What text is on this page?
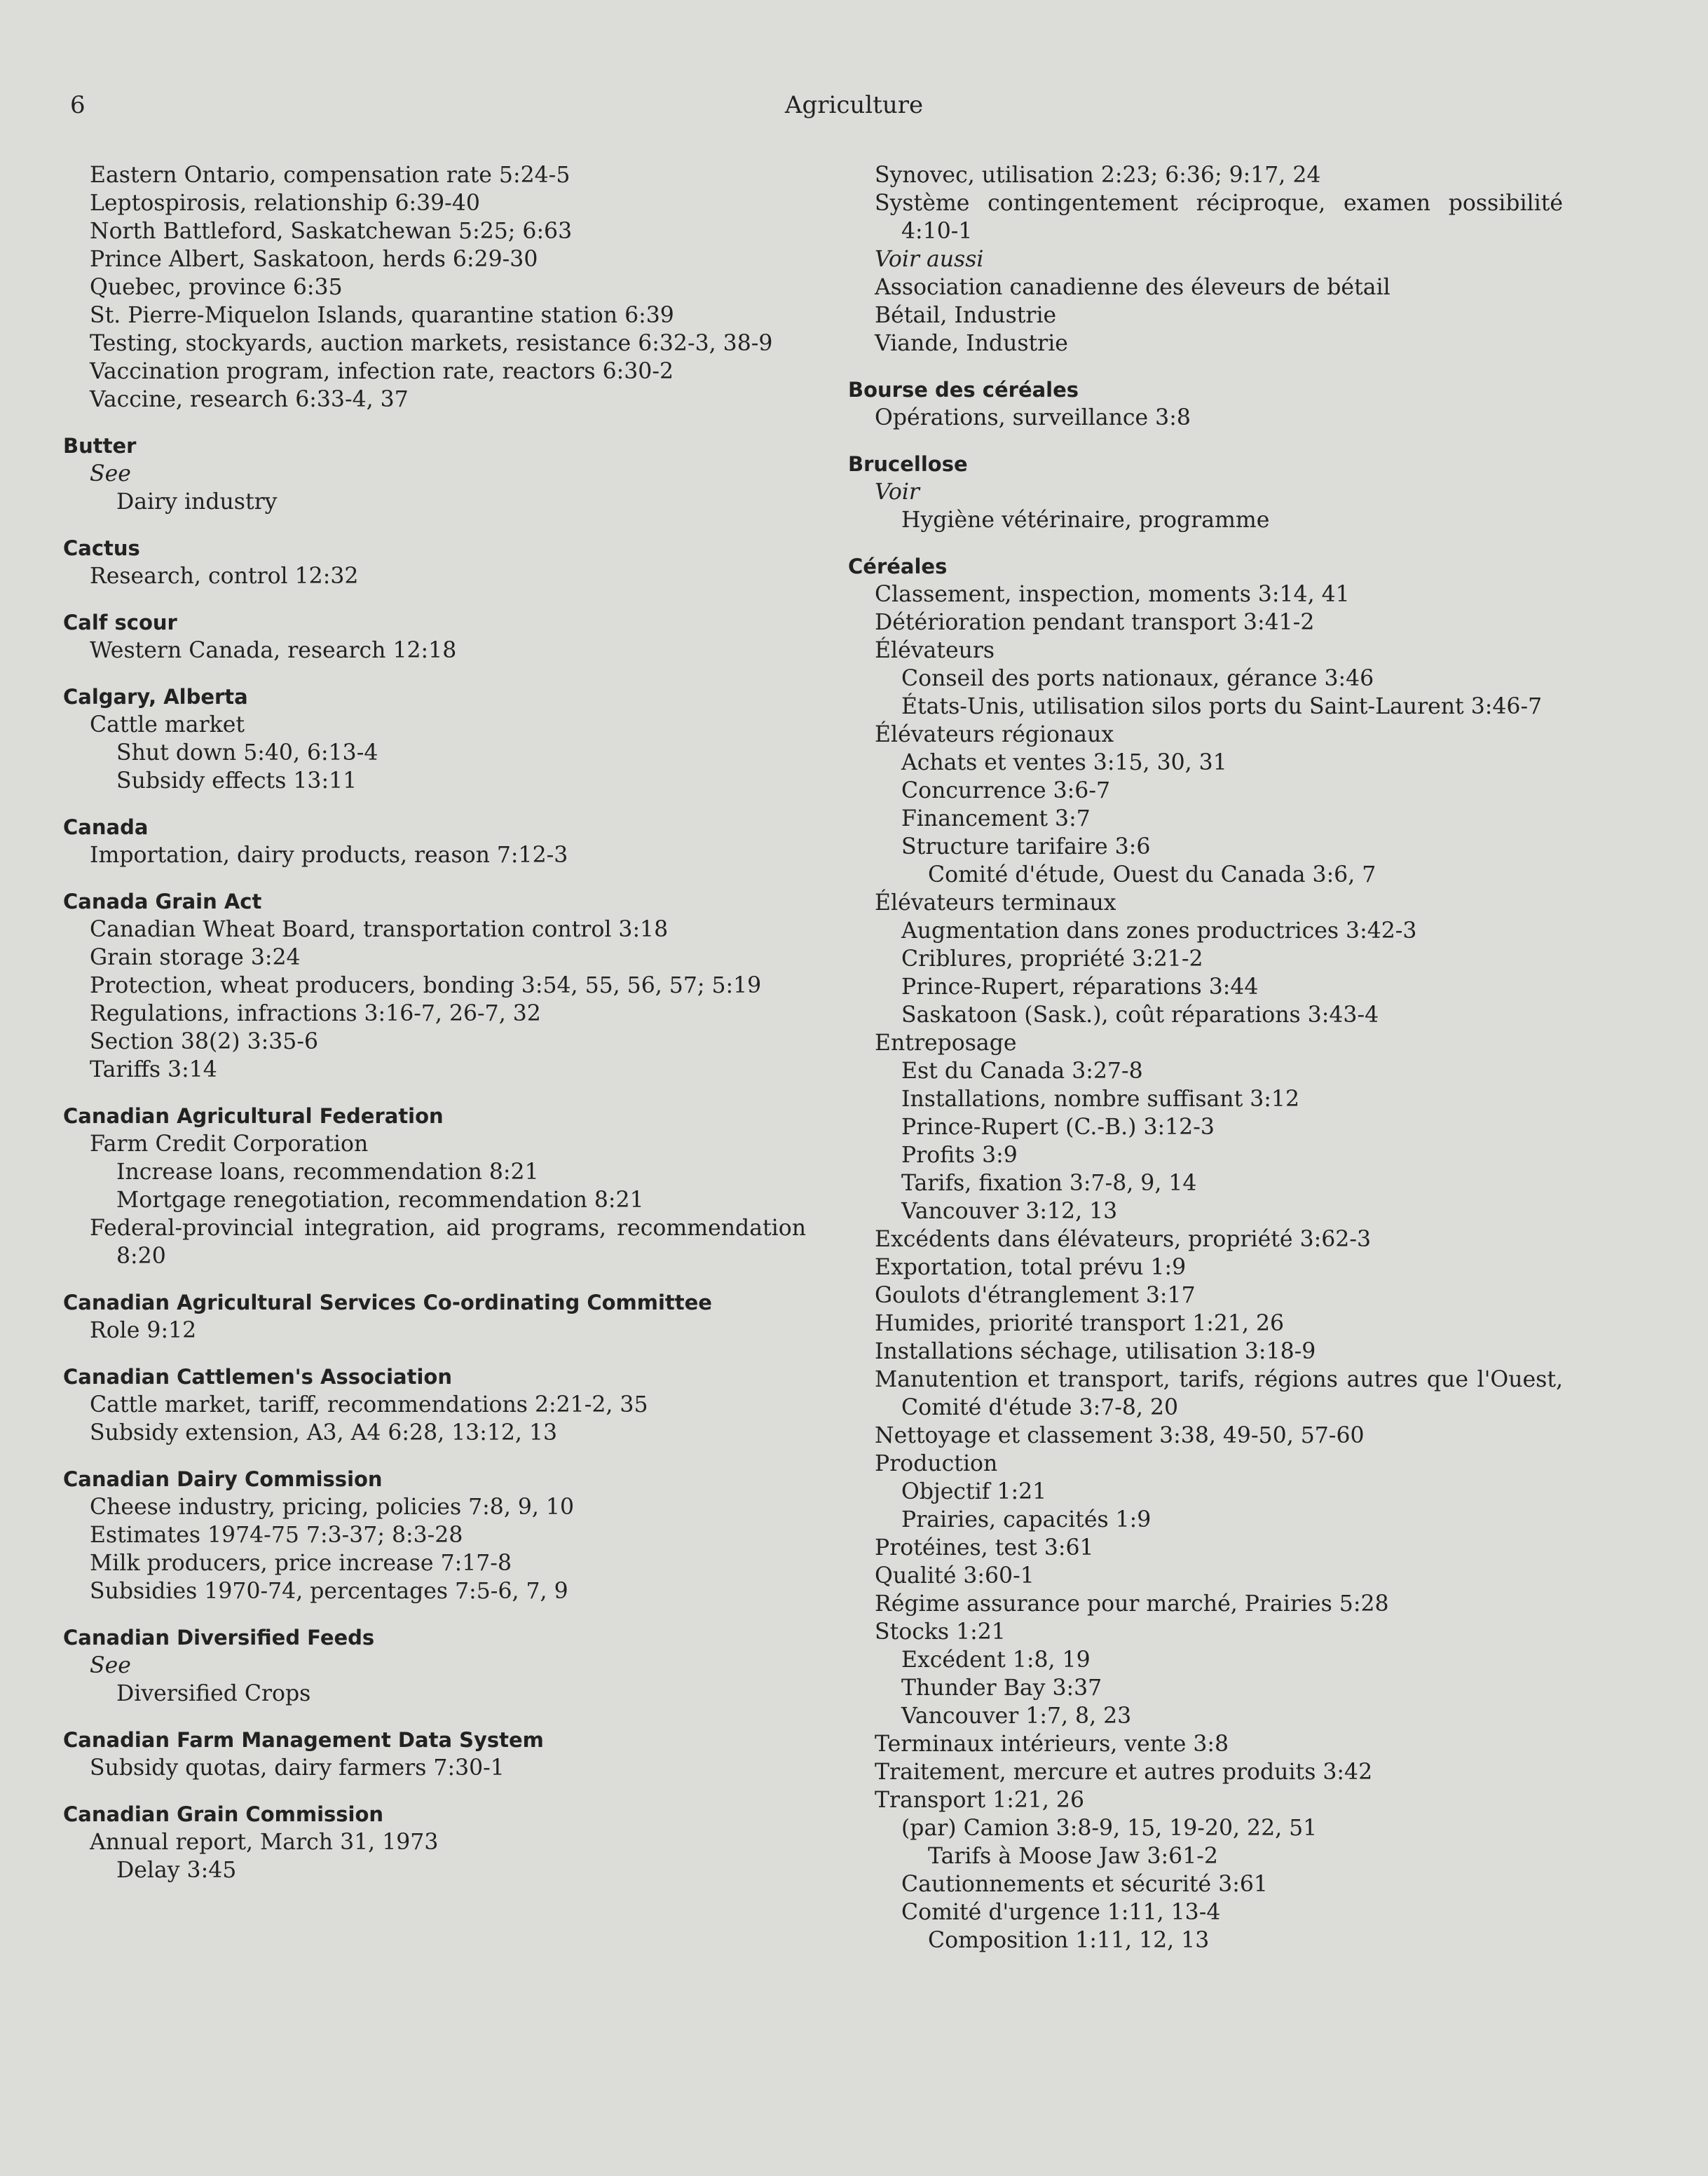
6	Agriculture
Eastern Ontario, compensation rate 5:24-5
Leptospirosis, relationship 6:39-40
North Battleford, Saskatchewan 5:25; 6:63
Prince Albert, Saskatoon, herds 6:29-30
Quebec, province 6:35
St. Pierre-Miquelon Islands, quarantine station 6:39
Testing, stockyards, auction markets, resistance 6:32-3, 38-9
Vaccination program, infection rate, reactors 6:30-2
Vaccine, research 6:33-4, 37
Butter
See
Dairy industry
Cactus
Research, control 12:32
Calf scour
Western Canada, research 12:18
Calgary, Alberta
Cattle market
Shut down 5:40, 6:13-4
Subsidy effects 13:11
Canada
Importation, dairy products, reason 7:12-3
Canada Grain Act
Canadian Wheat Board, transportation control 3:18
Grain storage 3:24
Protection, wheat producers, bonding 3:54, 55, 56, 57; 5:19
Regulations, infractions 3:16-7, 26-7, 32
Section 38(2) 3:35-6
Tariffs 3:14
Canadian Agricultural Federation
Farm Credit Corporation
Increase loans, recommendation 8:21
Mortgage renegotiation, recommendation 8:21
Federal-provincial integration, aid programs, recommendation 8:20
Canadian Agricultural Services Co-ordinating Committee
Role 9:12
Canadian Cattlemen's Association
Cattle market, tariff, recommendations 2:21-2, 35
Subsidy extension, A3, A4 6:28, 13:12, 13
Canadian Dairy Commission
Cheese industry, pricing, policies 7:8, 9, 10
Estimates 1974-75 7:3-37; 8:3-28
Milk producers, price increase 7:17-8
Subsidies 1970-74, percentages 7:5-6, 7, 9
Canadian Diversified Feeds
See
Diversified Crops
Canadian Farm Management Data System
Subsidy quotas, dairy farmers 7:30-1
Canadian Grain Commission
Annual report, March 31, 1973
Delay 3:45
Synovec, utilisation 2:23; 6:36; 9:17, 24
Système contingentement réciproque, examen possibilité 4:10-1
Voir aussi
Association canadienne des éleveurs de bétail
Bétail, Industrie
Viande, Industrie
Bourse des céréales
Opérations, surveillance 3:8
Brucellose
Voir
Hygiène vétérinaire, programme
Céréales
Classement, inspection, moments 3:14, 41
Détérioration pendant transport 3:41-2
Élévateurs
Conseil des ports nationaux, gérance 3:46
États-Unis, utilisation silos ports du Saint-Laurent 3:46-7
Élévateurs régionaux
Achats et ventes 3:15, 30, 31
Concurrence 3:6-7
Financement 3:7
Structure tarifaire 3:6
Comité d'étude, Ouest du Canada 3:6, 7
Élévateurs terminaux
Augmentation dans zones productrices 3:42-3
Criblures, propriété 3:21-2
Prince-Rupert, réparations 3:44
Saskatoon (Sask.), coût réparations 3:43-4
Entreposage
Est du Canada 3:27-8
Installations, nombre suffisant 3:12
Prince-Rupert (C.-B.) 3:12-3
Profits 3:9
Tarifs, fixation 3:7-8, 9, 14
Vancouver 3:12, 13
Excédents dans élévateurs, propriété 3:62-3
Exportation, total prévu 1:9
Goulots d'étranglement 3:17
Humides, priorité transport 1:21, 26
Installations séchage, utilisation 3:18-9
Manutention et transport, tarifs, régions autres que l'Ouest, Comité d'étude 3:7-8, 20
Nettoyage et classement 3:38, 49-50, 57-60
Production
Objectif 1:21
Prairies, capacités 1:9
Protéines, test 3:61
Qualité 3:60-1
Régime assurance pour marché, Prairies 5:28
Stocks 1:21
Excédent 1:8, 19
Thunder Bay 3:37
Vancouver 1:7, 8, 23
Terminaux intérieurs, vente 3:8
Traitement, mercure et autres produits 3:42
Transport 1:21, 26
(par) Camion 3:8-9, 15, 19-20, 22, 51
Tarifs à Moose Jaw 3:61-2
Cautionnements et sécurité 3:61
Comité d'urgence 1:11, 13-4
Composition 1:11, 12, 13
